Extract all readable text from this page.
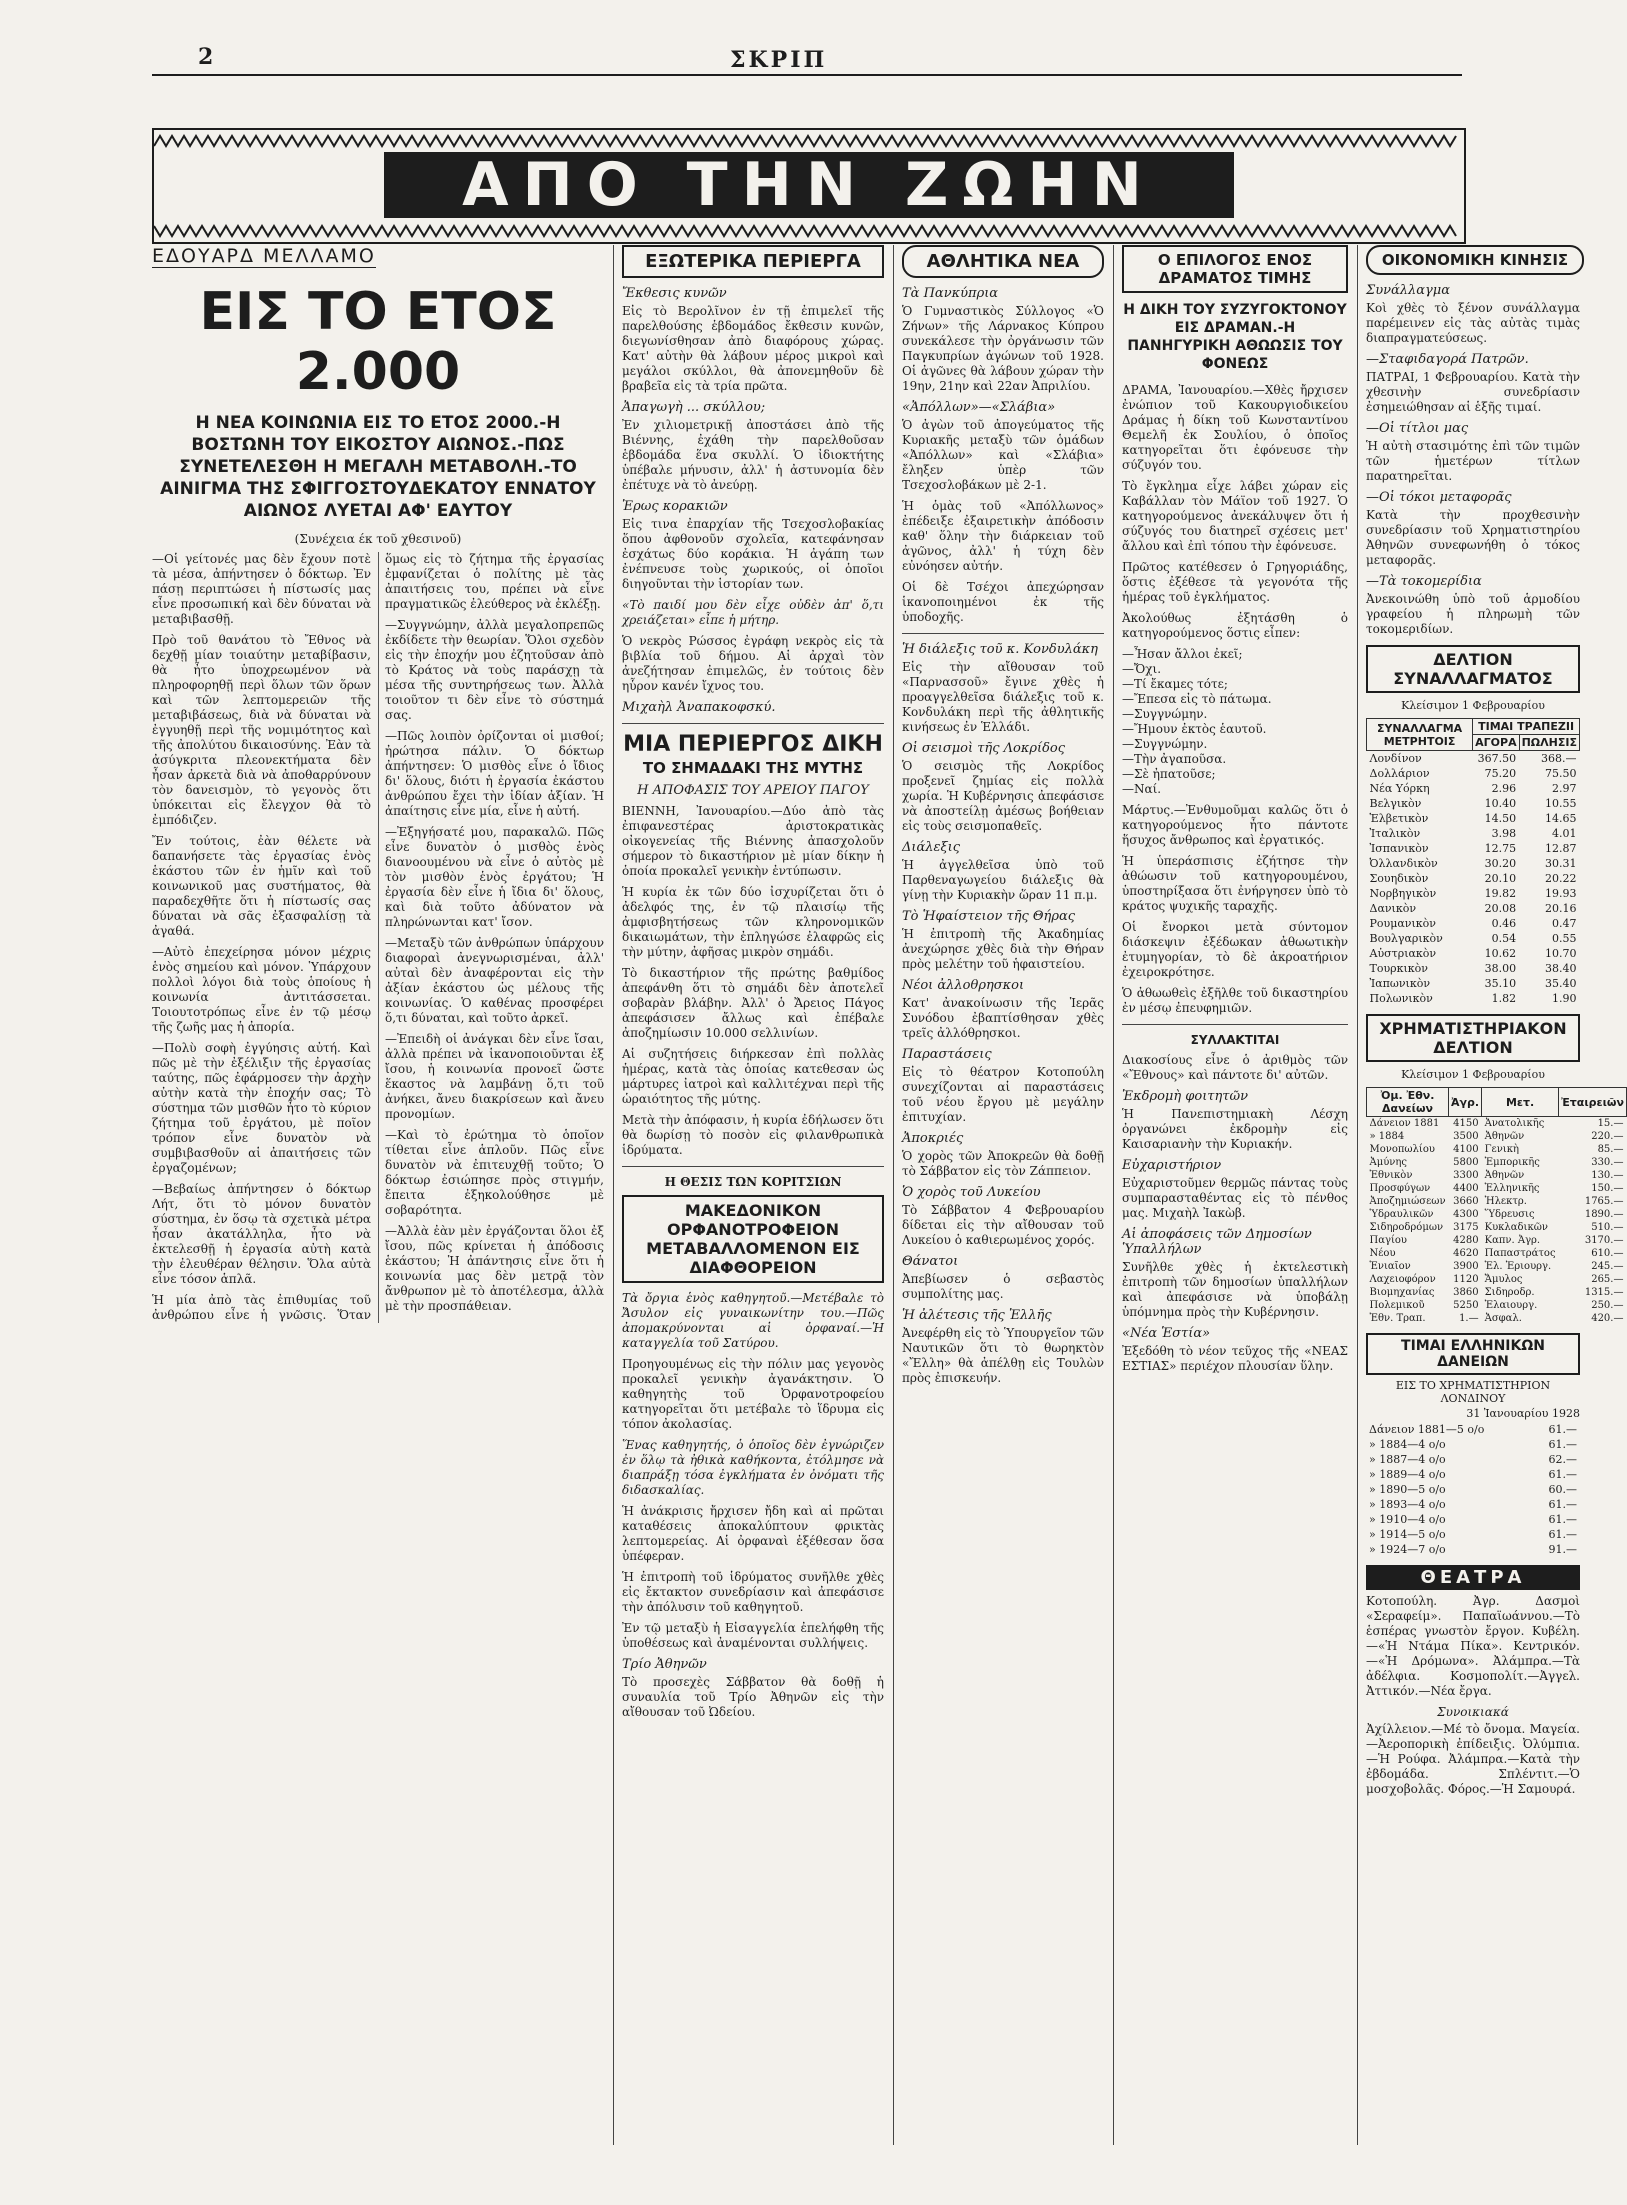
2	ΣΚΡΙΠ
ΑΠΟ ΤΗΝ ΖΩΗΝ
ΕΔΟΥΑΡΔ ΜΕΛΛΑΜΟ
ΕΙΣ ΤΟ ΕΤΟΣ 2.000
Η ΝΕΑ ΚΟΙΝΩΝΙΑ ΕΙΣ ΤΟ ΕΤΟΣ 2000.-Η ΒΟΣΤΩΝΗ ΤΟΥ ΕΙΚΟΣΤΟΥ ΑΙΩΝΟΣ.-ΠΩΣ ΣΥΝΕΤΕΛΕΣΘΗ Η ΜΕΓΑΛΗ ΜΕΤΑΒΟΛΗ.-ΤΟ ΑΙΝΙΓΜΑ ΤΗΣ ΣΦΙΓΓΟΣΤΟΥΔΕΚΑΤΟΥ ΕΝΝΑΤΟΥ ΑΙΩΝΟΣ ΛΥΕΤΑΙ ΑΦ' ΕΑΥΤΟΥ
(Συνέχεια έκ τοῦ χθεσινοῦ)

—Οἱ γείτονές μας δὲν ἔχουν ποτὲ τὰ μέσα, ἀπήντησεν ὁ δόκτωρ. Ἐν πάσῃ περιπτώσει ἡ πίστωσίς μας εἶνε προσωπική καὶ δὲν δύναται νὰ μεταβιβασθῇ.

Πρὸ τοῦ θανάτου τὸ Ἔθνος νὰ δεχθῇ μίαν τοιαύτην μεταβίβασιν, θὰ ἦτο ὑποχρεωμένον νὰ πληροφορηθῇ περὶ ὅλων τῶν ὅρων καὶ τῶν λεπτομερειῶν τῆς μεταβιβάσεως, διὰ νὰ δύναται νὰ ἐγγυηθῇ περὶ τῆς νομιμότητος καὶ τῆς ἀπολύτου δικαιοσύνης. Ἐὰν τὰ ἀσύγκριτα πλεονεκτήματα δὲν ἦσαν ἀρκετὰ διὰ νὰ ἀποθαρρύνουν τὸν δανεισμὸν, τὸ γεγονὸς ὅτι ὑπόκειται εἰς ἔλεγχον θὰ τὸ ἐμπόδιζεν.

Ἔν τούτοις, ἐὰν θέλετε νὰ δαπανήσετε τὰς ἐργασίας ἑνὸς ἑκάστου τῶν ἐν ἡμῖν καὶ τοῦ κοινωνικοῦ μας συστήματος, θὰ παραδεχθῆτε ὅτι ἡ πίστωσίς σας δύναται νὰ σᾶς ἐξασφαλίσῃ τὰ ἀγαθά.

—Αὐτὸ ἐπεχείρησα μόνον μέχρις ἑνὸς σημείου καὶ μόνον. Ὑπάρχουν πολλοὶ λόγοι διὰ τοὺς ὁποίους ἡ κοινωνία ἀντιτάσσεται. Τοιουτοτρόπως εἶνε ἐν τῷ μέσῳ τῆς ζωῆς μας ἡ ἀπορία.

—Πολὺ σοφὴ ἐγγύησις αὐτή. Καὶ πῶς μὲ τὴν ἐξέλιξιν τῆς ἐργασίας ταύτης, πῶς ἐφάρμοσεν τὴν ἀρχὴν αὐτὴν κατὰ τὴν ἐποχήν σας; Τὸ σύστημα τῶν μισθῶν ἦτο τὸ κύριον ζήτημα τοῦ ἐργάτου, μὲ ποῖον τρόπον εἶνε δυνατὸν νὰ συμβιβασθοῦν αἱ ἀπαιτήσεις τῶν ἐργαζομένων;

—Βεβαίως ἀπήντησεν ὁ δόκτωρ Λήτ, ὅτι τὸ μόνον δυνατὸν σύστημα, ἐν ὅσῳ τὰ σχετικὰ μέτρα ἦσαν ἀκατάλληλα, ἦτο νὰ ἐκτελεσθῇ ἡ ἐργασία αὐτὴ κατὰ τὴν ἐλευθέραν θέλησιν. Ὅλα αὐτὰ εἶνε τόσον ἁπλᾶ.

Ἡ μία ἀπὸ τὰς ἐπιθυμίας τοῦ ἀνθρώπου εἶνε ἡ γνῶσις. Ὅταν ὅμως εἰς τὸ ζήτημα τῆς ἐργασίας ἐμφανίζεται ὁ πολίτης μὲ τὰς ἀπαιτήσεις του, πρέπει νὰ εἶνε πραγματικῶς ἐλεύθερος νὰ ἐκλέξῃ.

—Συγγνώμην, ἀλλὰ μεγαλοπρεπῶς ἐκδίδετε τὴν θεωρίαν. Ὅλοι σχεδὸν εἰς τὴν ἐποχήν μου ἐζητοῦσαν ἀπὸ τὸ Κράτος νὰ τοὺς παράσχῃ τὰ μέσα τῆς συντηρήσεως των. Ἀλλὰ τοιοῦτον τι δὲν εἶνε τὸ σύστημά σας.

—Πῶς λοιπὸν ὀρίζονται οἱ μισθοί; ἠρώτησα πάλιν. Ὁ δόκτωρ ἀπήντησεν: Ὁ μισθὸς εἶνε ὁ ἴδιος δι' ὅλους, διότι ἡ ἐργασία ἐκάστου ἀνθρώπου ἔχει τὴν ἰδίαν ἀξίαν. Ἡ ἀπαίτησις εἶνε μία, εἶνε ἡ αὐτή.

—Ἐξηγήσατέ μου, παρακαλῶ. Πῶς εἶνε δυνατὸν ὁ μισθὸς ἑνὸς διανοουμένου νὰ εἶνε ὁ αὐτὸς μὲ τὸν μισθὸν ἑνὸς ἐργάτου; Ἡ ἐργασία δὲν εἶνε ἡ ἴδια δι' ὅλους, καὶ διὰ τοῦτο ἀδύνατον νὰ πληρώνωνται κατ' ἴσον.

—Μεταξὺ τῶν ἀνθρώπων ὑπάρχουν διαφοραὶ ἀνεγνωρισμέναι, ἀλλ' αὐταὶ δὲν ἀναφέρονται εἰς τὴν ἀξίαν ἑκάστου ὡς μέλους τῆς κοινωνίας. Ὁ καθένας προσφέρει ὅ,τι δύναται, καὶ τοῦτο ἀρκεῖ.

—Ἐπειδὴ οἱ ἀνάγκαι δὲν εἶνε ἴσαι, ἀλλὰ πρέπει νὰ ἱκανοποιοῦνται ἐξ ἴσου, ἡ κοινωνία προνοεῖ ὥστε ἕκαστος νὰ λαμβάνῃ ὅ,τι τοῦ ἀνήκει, ἄνευ διακρίσεων καὶ ἄνευ προνομίων.

—Καὶ τὸ ἐρώτημα τὸ ὁποῖον τίθεται εἶνε ἁπλοῦν. Πῶς εἶνε δυνατὸν νὰ ἐπιτευχθῇ τοῦτο; Ὁ δόκτωρ ἐσιώπησε πρὸς στιγμήν, ἔπειτα ἐξηκολούθησε μὲ σοβαρότητα.

—Ἀλλὰ ἐὰν μὲν ἐργάζονται ὅλοι ἐξ ἴσου, πῶς κρίνεται ἡ ἀπόδοσις ἑκάστου; Ἡ ἀπάντησις εἶνε ὅτι ἡ κοινωνία μας δὲν μετρᾷ τὸν ἄνθρωπον μὲ τὸ ἀποτέλεσμα, ἀλλὰ μὲ τὴν προσπάθειαν.

ΕΞΩΤΕΡΙΚΑ ΠΕΡΙΕΡΓΑ
Ἔκθεσις κυνῶν

Εἰς τὸ Βερολῖνον ἐν τῇ ἐπιμελεῖ τῆς παρελθούσης ἑβδομάδος ἔκθεσιν κυνῶν, διεγωνίσθησαν ἀπὸ διαφόρους χώρας. Κατ' αὐτὴν θὰ λάβουν μέρος μικροὶ καὶ μεγάλοι σκύλλοι, θὰ ἀπονεμηθοῦν δὲ βραβεῖα εἰς τὰ τρία πρῶτα.

Ἀπαγωγὴ ... σκύλλου;

Ἐν χιλιομετρικῇ ἀποστάσει ἀπὸ τῆς Βιέννης, ἐχάθη τὴν παρελθοῦσαν ἑβδομάδα ἕνα σκυλλί. Ὁ ἰδιοκτήτης ὑπέβαλε μήνυσιν, ἀλλ' ἡ ἀστυνομία δὲν ἐπέτυχε νὰ τὸ ἀνεύρῃ.

Ἐρως κορακιῶν

Εἰς τινα ἐπαρχίαν τῆς Τσεχοσλοβακίας ὅπου ἀφθονοῦν σχολεῖα, κατεφάνησαν ἐσχάτως δύο κοράκια. Ἡ ἀγάπη των ἐνέπνευσε τοὺς χωρικούς, οἱ ὁποῖοι διηγοῦνται τὴν ἱστορίαν των.

«Τὸ παιδί μου δὲν εἶχε οὐδὲν ἀπ' ὅ,τι χρειάζεται» εἶπε ἡ μήτηρ.

Ὁ νεκρὸς Ρώσσος ἐγράφη νεκρὸς εἰς τὰ βιβλία τοῦ δήμου. Αἱ ἀρχαὶ τὸν ἀνεζήτησαν ἐπιμελῶς, ἐν τούτοις δὲν ηὗρον κανέν ἴχνος του.

Μιχαὴλ Ἀναπακοφσκύ.
ΜΙΑ ΠΕΡΙΕΡΓΟΣ ΔΙΚΗ
ΤΟ ΣΗΜΑΔΑΚΙ ΤΗΣ ΜΥΤΗΣ
Η ΑΠΟΦΑΣΙΣ ΤΟΥ ΑΡΕΙΟΥ ΠΑΓΟΥ

ΒΙΕΝΝΗ, Ἰανουαρίου.—Δύο ἀπὸ τὰς ἐπιφανεστέρας ἀριστοκρατικὰς οἰκογενείας τῆς Βιέννης ἀπασχολοῦν σήμερον τὸ δικαστήριον μὲ μίαν δίκην ἡ ὁποία προκαλεῖ γενικὴν ἐντύπωσιν.

Ἡ κυρία ἐκ τῶν δύο ἰσχυρίζεται ὅτι ὁ ἀδελφός της, ἐν τῷ πλαισίῳ τῆς ἀμφισβητήσεως τῶν κληρονομικῶν δικαιωμάτων, τὴν ἐπληγώσε ἐλαφρῶς εἰς τὴν μύτην, ἀφῆσας μικρὸν σημάδι.

Τὸ δικαστήριον τῆς πρώτης βαθμίδος ἀπεφάνθη ὅτι τὸ σημάδι δὲν ἀποτελεῖ σοβαρὰν βλάβην. Ἀλλ' ὁ Ἄρειος Πάγος ἀπεφάσισεν ἄλλως καὶ ἐπέβαλε ἀποζημίωσιν 10.000 σελλινίων.

Αἱ συζητήσεις διήρκεσαν ἐπὶ πολλὰς ἡμέρας, κατὰ τὰς ὁποίας κατεθεσαν ὡς μάρτυρες ἰατροὶ καὶ καλλιτέχναι περὶ τῆς ὡραιότητος τῆς μύτης.

Μετὰ τὴν ἀπόφασιν, ἡ κυρία ἐδήλωσεν ὅτι θὰ δωρίσῃ τὸ ποσὸν εἰς φιλανθρωπικὰ ἱδρύματα.

Η ΘΕΣΙΣ ΤΩΝ ΚΟΡΙΤΣΙΩΝ
ΜΑΚΕΔΟΝΙΚΟΝ ΟΡΦΑΝΟΤΡΟΦΕΙΟΝ ΜΕΤΑΒΑΛΛΟΜΕΝΟΝ ΕΙΣ ΔΙΑΦΘΟΡΕΙΟΝ

Τὰ ὄργια ἑνὸς καθηγητοῦ.—Μετέβαλε τὸ Ἄσυλον εἰς γυναικωνίτην του.—Πῶς ἀπομακρύνονται αἱ ὀρφαναί.—Ἡ καταγγελία τοῦ Σατύρου.

Προηγουμένως εἰς τὴν πόλιν μας γεγονὸς προκαλεῖ γενικὴν ἀγανάκτησιν. Ὁ καθηγητὴς τοῦ Ὀρφανοτροφείου κατηγορεῖται ὅτι μετέβαλε τὸ ἵδρυμα εἰς τόπον ἀκολασίας.

Ἕνας καθηγητής, ὁ ὁποῖος δὲν ἐγνώριζεν ἐν ὅλῳ τὰ ἠθικὰ καθήκοντα, ἐτόλμησε νὰ διαπράξῃ τόσα ἐγκλήματα ἐν ὀνόματι τῆς διδασκαλίας.

Ἡ ἀνάκρισις ἤρχισεν ἤδη καὶ αἱ πρῶται καταθέσεις ἀποκαλύπτουν φρικτὰς λεπτομερείας. Αἱ ὀρφαναὶ ἐξέθεσαν ὅσα ὑπέφεραν.

Ἡ ἐπιτροπὴ τοῦ ἱδρύματος συνῆλθε χθὲς εἰς ἔκτακτον συνεδρίασιν καὶ ἀπεφάσισε τὴν ἀπόλυσιν τοῦ καθηγητοῦ.

Ἐν τῷ μεταξὺ ἡ Εἰσαγγελία ἐπελήφθη τῆς ὑποθέσεως καὶ ἀναμένονται συλλήψεις.

Τρίο Ἀθηνῶν

Τὸ προσεχὲς Σάββατον θὰ δοθῇ ἡ συναυλία τοῦ Τρίο Ἀθηνῶν εἰς τὴν αἴθουσαν τοῦ Ὠδείου.

ΑΘΛΗΤΙΚΑ ΝΕΑ
Τὰ Πανκύπρια

Ὁ Γυμναστικὸς Σύλλογος «Ὁ Ζήνων» τῆς Λάρνακος Κύπρου συνεκάλεσε τὴν ὀργάνωσιν τῶν Παγκυπρίων ἀγώνων τοῦ 1928. Οἱ ἀγῶνες θὰ λάβουν χώραν τὴν 19ην, 21ην καὶ 22αν Ἀπριλίου.

«Ἀπόλλων»—«Σλάβια»

Ὁ ἀγὼν τοῦ ἀπογεύματος τῆς Κυριακῆς μεταξὺ τῶν ὁμάδων «Ἀπόλλων» καὶ «Σλάβια» ἔληξεν ὑπὲρ τῶν Τσεχοσλοβάκων μὲ 2-1.

Ἡ ὁμὰς τοῦ «Ἀπόλλωνος» ἐπέδειξε ἐξαιρετικὴν ἀπόδοσιν καθ' ὅλην τὴν διάρκειαν τοῦ ἀγῶνος, ἀλλ' ἡ τύχη δὲν εὐνόησεν αὐτήν.

Οἱ δὲ Τσέχοι ἀπεχώρησαν ἱκανοποιημένοι ἐκ τῆς ὑποδοχῆς.

Ἡ διάλεξις τοῦ κ. Κονδυλάκη

Εἰς τὴν αἴθουσαν τοῦ «Παρνασσοῦ» ἔγινε χθὲς ἡ προαγγελθεῖσα διάλεξις τοῦ κ. Κονδυλάκη περὶ τῆς ἀθλητικῆς κινήσεως ἐν Ἑλλάδι.

Οἱ σεισμοὶ τῆς Λοκρίδος

Ὁ σεισμὸς τῆς Λοκρίδος προξενεῖ ζημίας εἰς πολλὰ χωρία. Ἡ Κυβέρνησις ἀπεφάσισε νὰ ἀποστείλῃ ἀμέσως βοήθειαν εἰς τοὺς σεισμοπαθεῖς.

Διάλεξις

Ἡ ἀγγελθεῖσα ὑπὸ τοῦ Παρθεναγωγείου διάλεξις θὰ γίνῃ τὴν Κυριακὴν ὥραν 11 π.μ.

Τὸ Ἡφαίστειον τῆς Θήρας

Ἡ ἐπιτροπὴ τῆς Ἀκαδημίας ἀνεχώρησε χθὲς διὰ τὴν Θήραν πρὸς μελέτην τοῦ ἡφαιστείου.

Νέοι ἀλλοθρησκοι

Κατ' ἀνακοίνωσιν τῆς Ἱερᾶς Συνόδου ἐβαπτίσθησαν χθὲς τρεῖς ἀλλόθρησκοι.

Παραστάσεις

Εἰς τὸ θέατρον Κοτοπούλη συνεχίζονται αἱ παραστάσεις τοῦ νέου ἔργου μὲ μεγάλην ἐπιτυχίαν.

Ἀποκριές

Ὁ χορὸς τῶν Ἀποκρεῶν θὰ δοθῇ τὸ Σάββατον εἰς τὸν Ζάππειον.

Ὁ χορὸς τοῦ Λυκείου

Τὸ Σάββατον 4 Φεβρουαρίου δίδεται εἰς τὴν αἴθουσαν τοῦ Λυκείου ὁ καθιερωμένος χορός.

Θάνατοι

Ἀπεβίωσεν ὁ σεβαστὸς συμπολίτης μας.

Ἡ ἀλέτεσις τῆς Ἐλλῆς

Ἀνεφέρθη εἰς τὸ Ὑπουργεῖον τῶν Ναυτικῶν ὅτι τὸ θωρηκτὸν «Ἔλλη» θὰ ἀπέλθῃ εἰς Τουλὼν πρὸς ἐπισκευήν.

Ο ΕΠΙΛΟΓΟΣ ΕΝΟΣ ΔΡΑΜΑΤΟΣ ΤΙΜΗΣ
Η ΔΙΚΗ ΤΟΥ ΣΥΖΥΓΟΚΤΟΝΟΥ ΕΙΣ ΔΡΑΜΑΝ.-Η ΠΑΝΗΓΥΡΙΚΗ ΑΘΩΩΣΙΣ ΤΟΥ ΦΟΝΕΩΣ

ΔΡΑΜΑ, Ἰανουαρίου.—Χθὲς ἤρχισεν ἐνώπιον τοῦ Κακουργιοδικείου Δράμας ἡ δίκη τοῦ Κωνσταντίνου Θεμελῆ ἐκ Σουλίου, ὁ ὁποῖος κατηγορεῖται ὅτι ἐφόνευσε τὴν σύζυγόν του.

Τὸ ἔγκλημα εἶχε λάβει χώραν εἰς Καβάλλαν τὸν Μάϊον τοῦ 1927. Ὁ κατηγορούμενος ἀνεκάλυψεν ὅτι ἡ σύζυγός του διατηρεῖ σχέσεις μετ' ἄλλου καὶ ἐπὶ τόπου τὴν ἐφόνευσε.

Πρῶτος κατέθεσεν ὁ Γρηγοριάδης, ὅστις ἐξέθεσε τὰ γεγονότα τῆς ἡμέρας τοῦ ἐγκλήματος.

Ἀκολούθως ἐξητάσθη ὁ κατηγορούμενος ὅστις εἶπεν:

—Ἦσαν ἄλλοι ἐκεῖ;
—Ὄχι.
—Τί ἔκαμες τότε;
—Ἔπεσα εἰς τὸ πάτωμα.
—Συγγνώμην.
—Ἤμουν ἐκτὸς ἑαυτοῦ.
—Συγγνώμην.
—Τὴν ἀγαποῦσα.
—Σὲ ἠπατοῦσε;
—Ναί.

Μάρτυς.—Ἐνθυμοῦμαι καλῶς ὅτι ὁ κατηγορούμενος ἦτο πάντοτε ἥσυχος ἄνθρωπος καὶ ἐργατικός.

Ἡ ὑπεράσπισις ἐζήτησε τὴν ἀθώωσιν τοῦ κατηγορουμένου, ὑποστηρίξασα ὅτι ἐνήργησεν ὑπὸ τὸ κράτος ψυχικῆς ταραχῆς.

Οἱ ἔνορκοι μετὰ σύντομον διάσκεψιν ἐξέδωκαν ἀθωωτικὴν ἐτυμηγορίαν, τὸ δὲ ἀκροατήριον ἐχειροκρότησε.

Ὁ ἀθωωθεὶς ἐξῆλθε τοῦ δικαστηρίου ἐν μέσῳ ἐπευφημιῶν.

ΣΥΛΛΑΚΤΙΤΑΙ

Διακοσίους εἶνε ὁ ἀριθμὸς τῶν «Ἔθνους» καὶ πάντοτε δι' αὐτῶν.

Ἐκδρομὴ φοιτητῶν

Ἡ Πανεπιστημιακὴ Λέσχη ὀργανώνει ἐκδρομὴν εἰς Καισαριανὴν τὴν Κυριακήν.

Εὐχαριστήριον

Εὐχαριστοῦμεν θερμῶς πάντας τοὺς συμπαρασταθέντας εἰς τὸ πένθος μας. Μιχαὴλ Ἰακὼβ.

Αἱ ἀποφάσεις τῶν Δημοσίων Ὑπαλλήλων

Συνῆλθε χθὲς ἡ ἐκτελεστικὴ ἐπιτροπὴ τῶν δημοσίων ὑπαλλήλων καὶ ἀπεφάσισε νὰ ὑποβάλῃ ὑπόμνημα πρὸς τὴν Κυβέρνησιν.

«Νέα Ἑστία»

Ἐξεδόθη τὸ νέον τεῦχος τῆς «ΝΕΑΣ ΕΣΤΙΑΣ» περιέχον πλουσίαν ὕλην.

ΟΙΚΟΝΟΜΙΚΗ ΚΙΝΗΣΙΣ
Συνάλλαγμα

Κοὶ χθὲς τὸ ξένον συνάλλαγμα παρέμεινεν εἰς τὰς αὐτὰς τιμὰς διαπραγματεύσεως.

—Σταφιδαγορά Πατρῶν.

ΠΑΤΡΑΙ, 1 Φεβρουαρίου. Κατὰ τὴν χθεσινὴν συνεδρίασιν ἐσημειώθησαν αἱ ἑξῆς τιμαί.

—Οἱ τίτλοι μας

Ἡ αὐτὴ στασιμότης ἐπὶ τῶν τιμῶν τῶν ἡμετέρων τίτλων παρατηρεῖται.

—Οἱ τόκοι μεταφορᾶς

Κατὰ τὴν προχθεσινὴν συνεδρίασιν τοῦ Χρηματιστηρίου Ἀθηνῶν συνεφωνήθη ὁ τόκος μεταφορᾶς.

—Τὰ τοκομερίδια

Ἀνεκοινώθη ὑπὸ τοῦ ἁρμοδίου γραφείου ἡ πληρωμὴ τῶν τοκομεριδίων.

ΔΕΛΤΙΟΝ ΣΥΝΑΛΛΑΓΜΑΤΟΣ
Κλείσιμον 1 Φεβρουαρίου
ΣΥΝΑΛΛΑΓΜΑ ΜΕΤΡΗΤΟΙΣ	ΤΙΜΑΙ ΤΡΑΠΕΖΙΙ	
	ΑΓΟΡΑ	ΠΩΛΗΣΙΣ
Λονδίνον	367.50	368.—
Δολλάριον	75.20	75.50
Νέα Υόρκη	2.96	2.97
Βελγικὸν	10.40	10.55
Ἑλβετικὸν	14.50	14.65
Ἰταλικὸν	3.98	4.01
Ἰσπανικὸν	12.75	12.87
Ὀλλανδικὸν	30.20	30.31
Σουηδικὸν	20.10	20.22
Νορβηγικὸν	19.82	19.93
Δανικὸν	20.08	20.16
Ρουμανικὸν	0.46	0.47
Βουλγαρικὸν	0.54	0.55
Αὐστριακὸν	10.62	10.70
Τουρκικὸν	38.00	38.40
Ἰαπωνικὸν	35.10	35.40
Πολωνικὸν	1.82	1.90
ΧΡΗΜΑΤΙΣΤΗΡΙΑΚΟΝ ΔΕΛΤΙΟΝ
Κλείσιμον 1 Φεβρουαρίου
Ὀμ. Ἐθν. Δανείων	Ἀγρ.	Μετ.	Ἐταιρειῶν
Δάνειον 1881	4150	Ἀνατολικῆς	15.—
» 1884	3500	Ἀθηνῶν	220.—
Μονοπωλίου	4100	Γενικὴ	85.—
Ἀμύνης	5800	Ἐμπορικῆς	330.—
Ἐθνικὸν	3300	Ἀθηνῶν	130.—
Προσφύγων	4400	Ἑλληνικῆς	150.—
Ἀποζημιώσεων	3660	Ἠλεκτρ.	1765.—
Ὑδραυλικῶν	4300	Ὕδρευσις	1890.—
Σιδηροδρόμων	3175	Κυκλαδικῶν	510.—
Παγίου	4280	Καπν. Ἀγρ.	3170.—
Νέου	4620	Παπαστράτος	610.—
Ἑνιαῖον	3900	Ἑλ. Ἐριουργ.	245.—
Λαχειοφόρον	1120	Ἄμυλος	265.—
Βιομηχανίας	3860	Σιδηροδρ.	1315.—
Πολεμικοῦ	5250	Ἐλαιουργ.	250.—
Ἐθν. Τραπ.	1.—	Ἀσφαλ.	420.—
ΤΙΜΑΙ ΕΛΛΗΝΙΚΩΝ ΔΑΝΕΙΩΝ
ΕΙΣ ΤΟ ΧΡΗΜΑΤΙΣΤΗΡΙΟΝ ΛΟΝΔΙΝΟΥ
31 Ἰανουαρίου 1928
Δάνειον 1881—5 ο/ο	61.—
» 1884—4 ο/ο	61.—
» 1887—4 ο/ο	62.—
» 1889—4 ο/ο	61.—
» 1890—5 ο/ο	60.—
» 1893—4 ο/ο	61.—
» 1910—4 ο/ο	61.—
» 1914—5 ο/ο	61.—
» 1924—7 ο/ο	91.—
ΘΕΑΤΡΑ

Κοτοπούλη. Ἀγρ. Δασμοὶ «Σεραφείμ». Παπαϊωάννου.—Τὸ ἑσπέρας γνωστὸν ἔργον. Κυβέλη.—«Ἡ Ντάμα Πίκα». Κεντρικόν.—«Ἡ Δρόμωνα». Ἀλάμπρα.—Τὰ ἀδέλφια. Κοσμοπολίτ.—Ἀγγελ. Ἀττικόν.—Νέα ἔργα.

Συνοικιακά

Ἀχίλλειον.—Μέ τὸ ὄνομα. Μαγεία.—Ἀεροπορικὴ ἐπίδειξις. Ὀλύμπια.—Ἡ Ρούφα. Ἀλάμπρα.—Κατὰ τὴν ἐβδομάδα. Σπλέντιτ.—Ὁ μοσχοβολᾶς. Φόρος.—Ἡ Σαμουρά.
